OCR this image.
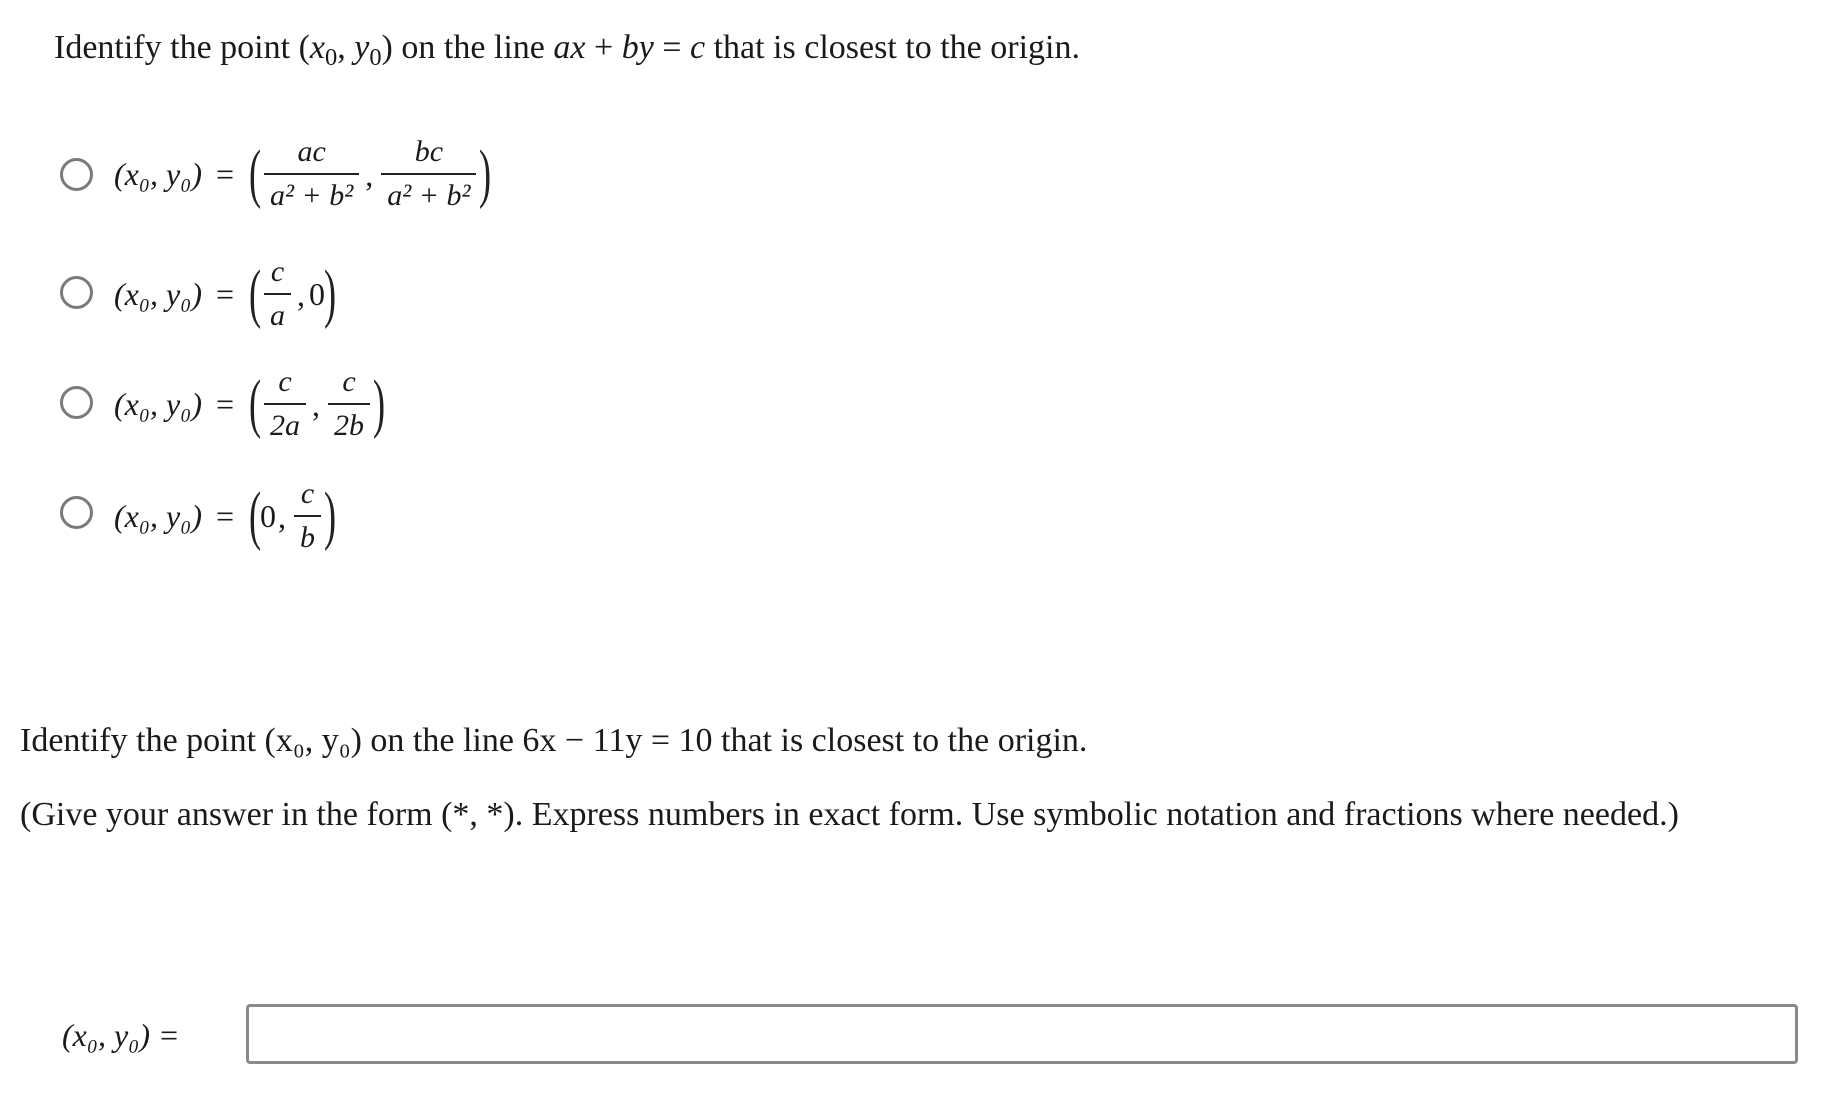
Identify the point ($x_0$, $y_0$) on the line ax + by = c that is closest to the origin.
(x₀, y₀) = ( $\frac{ac}{\text{a² + b²}}$ , $\frac{bc}{\text{a² + b²}}$ )
(x₀, y₀) = ( $\frac{c}{a}$ , 0
)
(x₀, y₀) = ( $\frac{c}{2a}$ , $\frac{c}{2b}$ )
(x₀, y₀) = (
0 , $\frac{c}{b}$ )
Identify the point (x₀, y₀) on the line 6x − 11y = 10 that is closest to the origin.
(Give your answer in the form (*, *). Express numbers in exact form. Use symbolic notation and fractions where needed.)
(x₀, y₀) =
